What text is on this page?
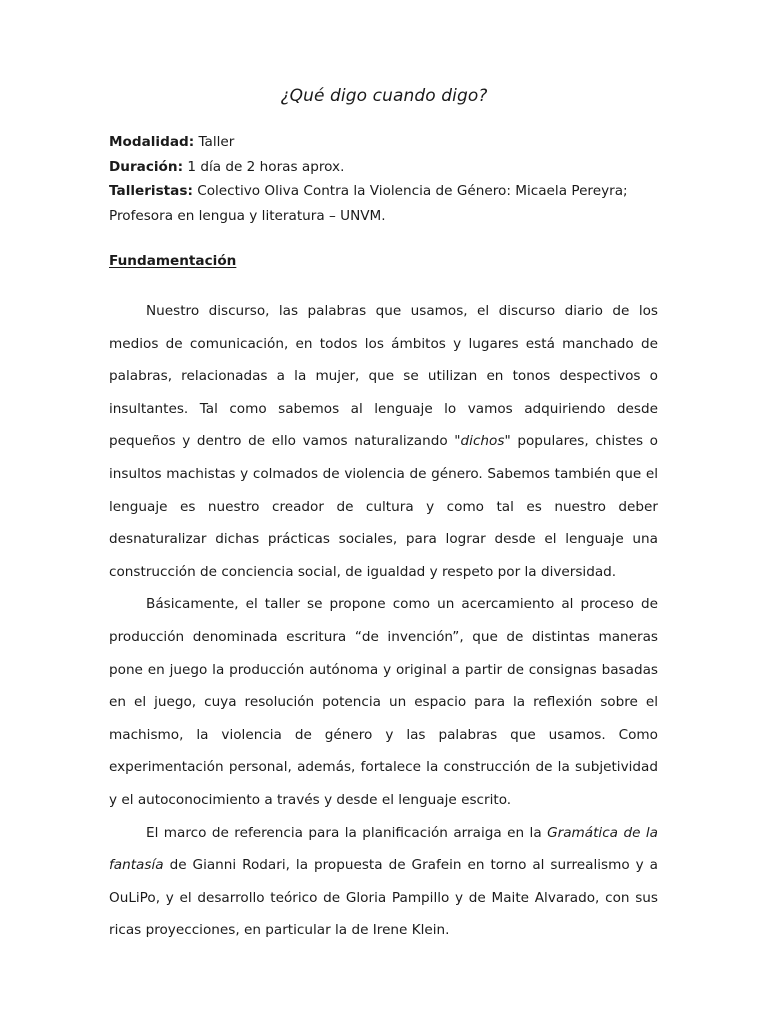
¿Qué digo cuando digo?
Modalidad: Taller
Duración: 1 día de 2 horas aprox.
Talleristas: Colectivo Oliva Contra la Violencia de Género: Micaela Pereyra;
Profesora en lengua y literatura – UNVM.
Fundamentación

Nuestro discurso, las palabras que usamos, el discurso diario de los medios de comunicación, en todos los ámbitos y lugares está manchado de palabras, relacionadas a la mujer, que se utilizan en tonos despectivos o insultantes. Tal como sabemos al lenguaje lo vamos adquiriendo desde pequeños y dentro de ello vamos naturalizando "dichos" populares, chistes o insultos machistas y colmados de violencia de género. Sabemos también que el lenguaje es nuestro creador de cultura y como tal es nuestro deber desnaturalizar dichas prácticas sociales, para lograr desde el lenguaje una construcción de conciencia social, de igualdad y respeto por la diversidad.

Básicamente, el taller se propone como un acercamiento al proceso de producción denominada escritura “de invención”, que de distintas maneras pone en juego la producción autónoma y original a partir de consignas basadas en el juego, cuya resolución potencia un espacio para la reflexión sobre el machismo, la violencia de género y las palabras que usamos. Como experimentación personal, además, fortalece la construcción de la subjetividad y el autoconocimiento a través y desde el lenguaje escrito.

El marco de referencia para la planificación arraiga en la Gramática de la fantasía de Gianni Rodari, la propuesta de Grafein en torno al surrealismo y a OuLiPo, y el desarrollo teórico de Gloria Pampillo y de Maite Alvarado, con sus ricas proyecciones, en particular la de Irene Klein.
